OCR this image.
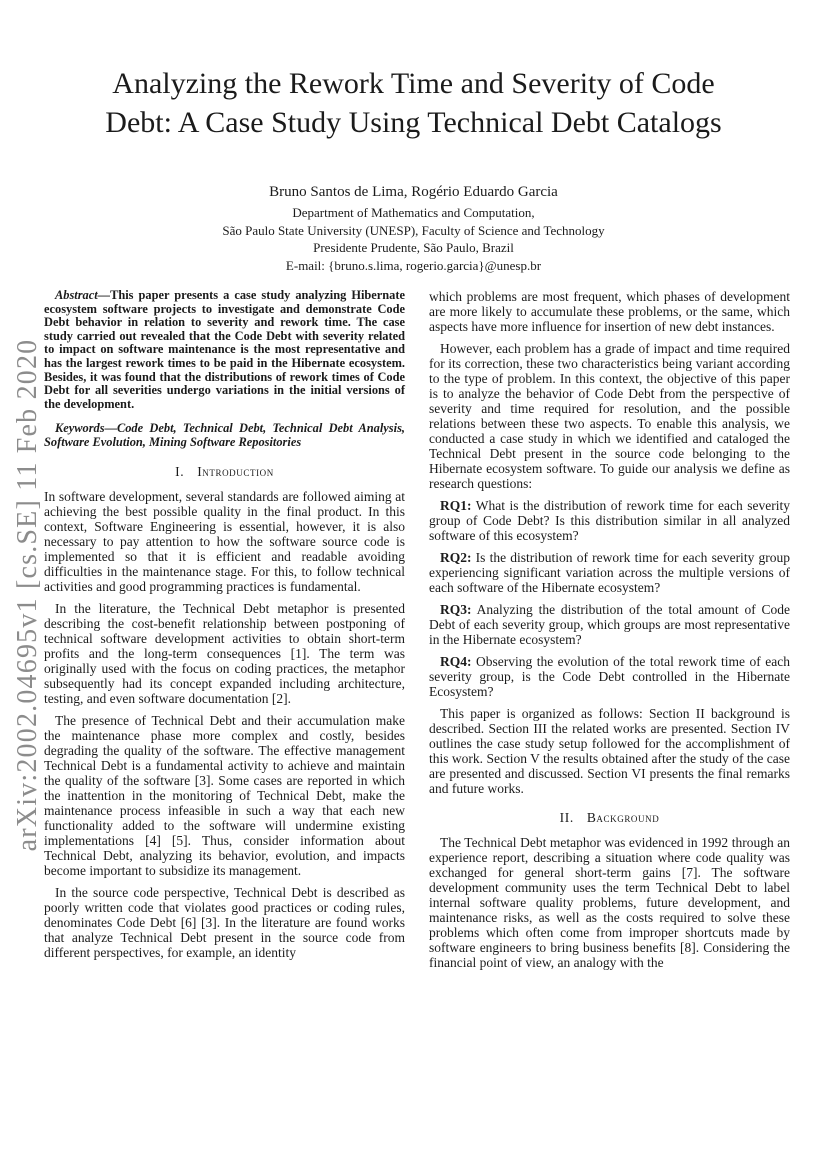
arXiv:2002.04695v1 [cs.SE] 11 Feb 2020
Analyzing the Rework Time and Severity of Code
Debt: A Case Study Using Technical Debt Catalogs
Bruno Santos de Lima, Rogério Eduardo Garcia
Department of Mathematics and Computation,
São Paulo State University (UNESP), Faculty of Science and Technology
Presidente Prudente, São Paulo, Brazil
E-mail: {bruno.s.lima, rogerio.garcia}@unesp.br

Abstract—This paper presents a case study analyzing Hibernate ecosystem software projects to investigate and demonstrate Code Debt behavior in relation to severity and rework time. The case study carried out revealed that the Code Debt with severity related to impact on software maintenance is the most representative and has the largest rework times to be paid in the Hibernate ecosystem. Besides, it was found that the distributions of rework times of Code Debt for all severities undergo variations in the initial versions of the development.

Keywords—Code Debt, Technical Debt, Technical Debt Analysis, Software Evolution, Mining Software Repositories

I. Introduction

In software development, several standards are followed aiming at achieving the best possible quality in the final product. In this context, Software Engineering is essential, however, it is also necessary to pay attention to how the software source code is implemented so that it is efficient and readable avoiding difficulties in the maintenance stage. For this, to follow technical activities and good programming practices is fundamental.

In the literature, the Technical Debt metaphor is presented describing the cost-benefit relationship between postponing of technical software development activities to obtain short-term profits and the long-term consequences [1]. The term was originally used with the focus on coding practices, the metaphor subsequently had its concept expanded including architecture, testing, and even software documentation [2].

The presence of Technical Debt and their accumulation make the maintenance phase more complex and costly, besides degrading the quality of the software. The effective management Technical Debt is a fundamental activity to achieve and maintain the quality of the software [3]. Some cases are reported in which the inattention in the monitoring of Technical Debt, make the maintenance process infeasible in such a way that each new functionality added to the software will undermine existing implementations [4] [5]. Thus, consider information about Technical Debt, analyzing its behavior, evolution, and impacts become important to subsidize its management.

In the source code perspective, Technical Debt is described as poorly written code that violates good practices or coding rules, denominates Code Debt [6] [3]. In the literature are found works that analyze Technical Debt present in the source code from different perspectives, for example, an identity

which problems are most frequent, which phases of development are more likely to accumulate these problems, or the same, which aspects have more influence for insertion of new debt instances.

However, each problem has a grade of impact and time required for its correction, these two characteristics being variant according to the type of problem. In this context, the objective of this paper is to analyze the behavior of Code Debt from the perspective of severity and time required for resolution, and the possible relations between these two aspects. To enable this analysis, we conducted a case study in which we identified and cataloged the Technical Debt present in the source code belonging to the Hibernate ecosystem software. To guide our analysis we define as research questions:

RQ1: What is the distribution of rework time for each severity group of Code Debt? Is this distribution similar in all analyzed software of this ecosystem?

RQ2: Is the distribution of rework time for each severity group experiencing significant variation across the multiple versions of each software of the Hibernate ecosystem?

RQ3: Analyzing the distribution of the total amount of Code Debt of each severity group, which groups are most representative in the Hibernate ecosystem?

RQ4: Observing the evolution of the total rework time of each severity group, is the Code Debt controlled in the Hibernate Ecosystem?

This paper is organized as follows: Section II background is described. Section III the related works are presented. Section IV outlines the case study setup followed for the accomplishment of this work. Section V the results obtained after the study of the case are presented and discussed. Section VI presents the final remarks and future works.

II. Background

The Technical Debt metaphor was evidenced in 1992 through an experience report, describing a situation where code quality was exchanged for general short-term gains [7]. The software development community uses the term Technical Debt to label internal software quality problems, future development, and maintenance risks, as well as the costs required to solve these problems which often come from improper shortcuts made by software engineers to bring business benefits [8]. Considering the financial point of view, an analogy with the
